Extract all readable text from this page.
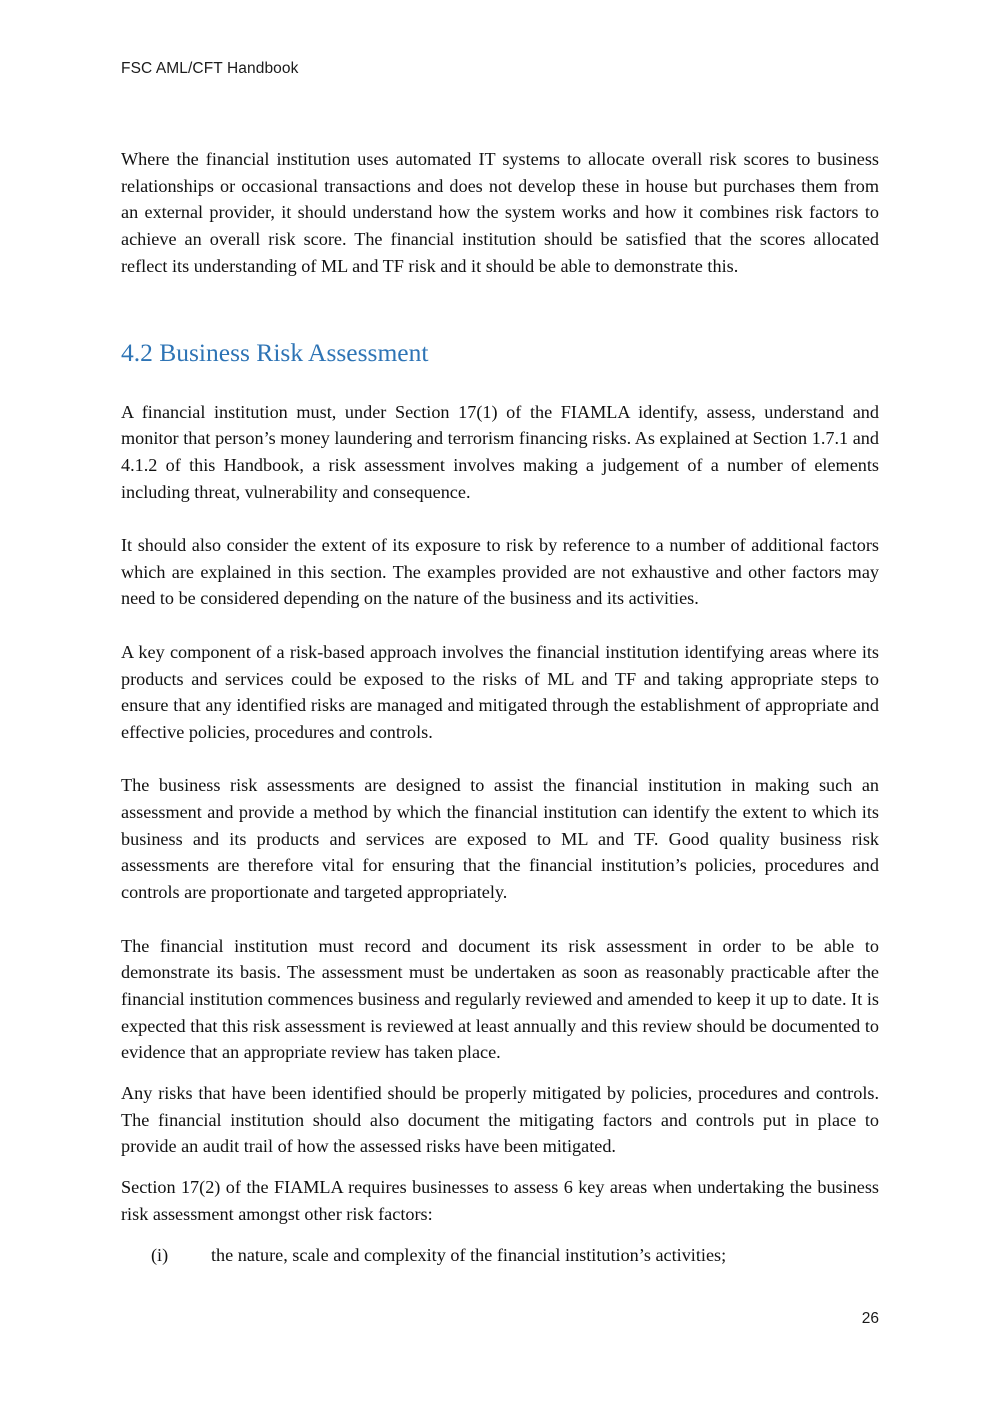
FSC AML/CFT Handbook

Where the financial institution uses automated IT systems to allocate overall risk scores to business relationships or occasional transactions and does not develop these in house but purchases them from an external provider, it should understand how the system works and how it combines risk factors to achieve an overall risk score. The financial institution should be satisfied that the scores allocated reflect its understanding of ML and TF risk and it should be able to demonstrate this.

4.2 Business Risk Assessment

A financial institution must, under Section 17(1) of the FIAMLA identify, assess, understand and monitor that person’s money laundering and terrorism financing risks. As explained at Section 1.7.1 and 4.1.2 of this Handbook, a risk assessment involves making a judgement of a number of elements including threat, vulnerability and consequence.

It should also consider the extent of its exposure to risk by reference to a number of additional factors which are explained in this section. The examples provided are not exhaustive and other factors may need to be considered depending on the nature of the business and its activities.

A key component of a risk-based approach involves the financial institution identifying areas where its products and services could be exposed to the risks of ML and TF and taking appropriate steps to ensure that any identified risks are managed and mitigated through the establishment of appropriate and effective policies, procedures and controls.

The business risk assessments are designed to assist the financial institution in making such an assessment and provide a method by which the financial institution can identify the extent to which its business and its products and services are exposed to ML and TF. Good quality business risk assessments are therefore vital for ensuring that the financial institution’s policies, procedures and controls are proportionate and targeted appropriately.

The financial institution must record and document its risk assessment in order to be able to demonstrate its basis. The assessment must be undertaken as soon as reasonably practicable after the financial institution commences business and regularly reviewed and amended to keep it up to date. It is expected that this risk assessment is reviewed at least annually and this review should be documented to evidence that an appropriate review has taken place.

Any risks that have been identified should be properly mitigated by policies, procedures and controls. The financial institution should also document the mitigating factors and controls put in place to provide an audit trail of how the assessed risks have been mitigated.

Section 17(2) of the FIAMLA requires businesses to assess 6 key areas when undertaking the business risk assessment amongst other risk factors:

(i)	the nature, scale and complexity of the financial institution’s activities;
26
